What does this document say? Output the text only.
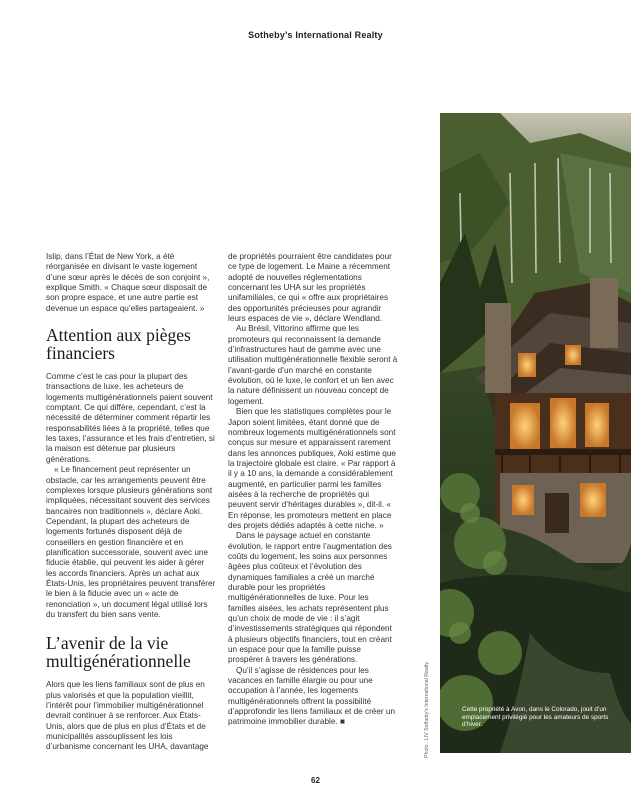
Sotheby’s International Realty

Islip, dans l’État de New York, a été réorganisée en divisant le vaste logement d’une sœur après le décès de son conjoint », explique Smith. « Chaque sœur disposait de son propre espace, et une autre partie est devenue un espace qu’elles partageaient. »

Attention aux pièges financiers

Comme c’est le cas pour la plupart des transactions de luxe, les acheteurs de logements multigénérationnels paient souvent comptant. Ce qui diffère, cependant, c’est la nécessité de déterminer comment répartir les responsabilités liées à la propriété, telles que les taxes, l’assurance et les frais d’entretien, si la maison est détenue par plusieurs générations.

« Le financement peut représenter un obstacle, car les arrangements peuvent être complexes lorsque plusieurs générations sont impliquées, nécessitant souvent des services bancaires non traditionnels », déclare Aoki. Cependant, la plupart des acheteurs de logements fortunés disposent déjà de conseillers en gestion financière et en planification successorale, souvent avec une fiducie établie, qui peuvent les aider à gérer les accords financiers. Après un achat aux États-Unis, les propriétaires peuvent transférer le bien à la fiducie avec un « acte de renonciation », un document légal utilisé lors du transfert du bien sans vente.

L’avenir de la vie multigénérationnelle

Alors que les liens familiaux sont de plus en plus valorisés et que la population vieillit, l’intérêt pour l’immobilier multigénérationnel devrait continuer à se renforcer. Aux États-Unis, alors que de plus en plus d’États et de municipalités assouplissent les lois d’urbanisme concernant les UHA, davantage

de propriétés pourraient être candidates pour ce type de logement. Le Maine a récemment adopté de nouvelles réglementations concernant les UHA sur les propriétés unifamiliales, ce qui « offre aux propriétaires des opportunités précieuses pour agrandir leurs espaces de vie », déclare Wendland.

Au Brésil, Vittorino affirme que les promoteurs qui reconnaissent la demande d’infrastructures haut de gamme avec une utilisation multigénérationnelle flexible seront à l’avant-garde d’un marché en constante évolution, où le luxe, le confort et un lien avec la nature définissent un nouveau concept de logement.

Bien que les statistiques complètes pour le Japon soient limitées, étant donné que de nombreux logements multigénérationnels sont conçus sur mesure et apparaissent rarement dans les annonces publiques, Aoki estime que la trajectoire globale est claire. « Par rapport à il y a 10 ans, la demande a considérablement augmenté, en particulier parmi les familles aisées à la recherche de propriétés qui peuvent servir d’héritages durables », dit-il. « En réponse, les promoteurs mettent en place des projets dédiés adaptés à cette niche. »

Dans le paysage actuel en constante évolution, le rapport entre l’augmentation des coûts du logement, les soins aux personnes âgées plus coûteux et l’évolution des dynamiques familiales a créé un marché durable pour les propriétés multigénérationnelles de luxe. Pour les familles aisées, les achats représentent plus qu’un choix de mode de vie : il s’agit d’investissements stratégiques qui répondent à plusieurs objectifs financiers, tout en créant un espace pour que la famille puisse prospérer à travers les générations.

Qu’il s’agisse de résidences pour les vacances en famille élargie ou pour une occupation à l’année, les logements multigénérationnels offrent la possibilité d’approfondir les liens familiaux et de créer un patrimoine immobilier durable. ■

Cette propriété à Avon, dans le Colorado, jouit d’un emplacement privilégié pour les amateurs de sports d’hiver.
Photo : LIV Sotheby’s International Realty
62
